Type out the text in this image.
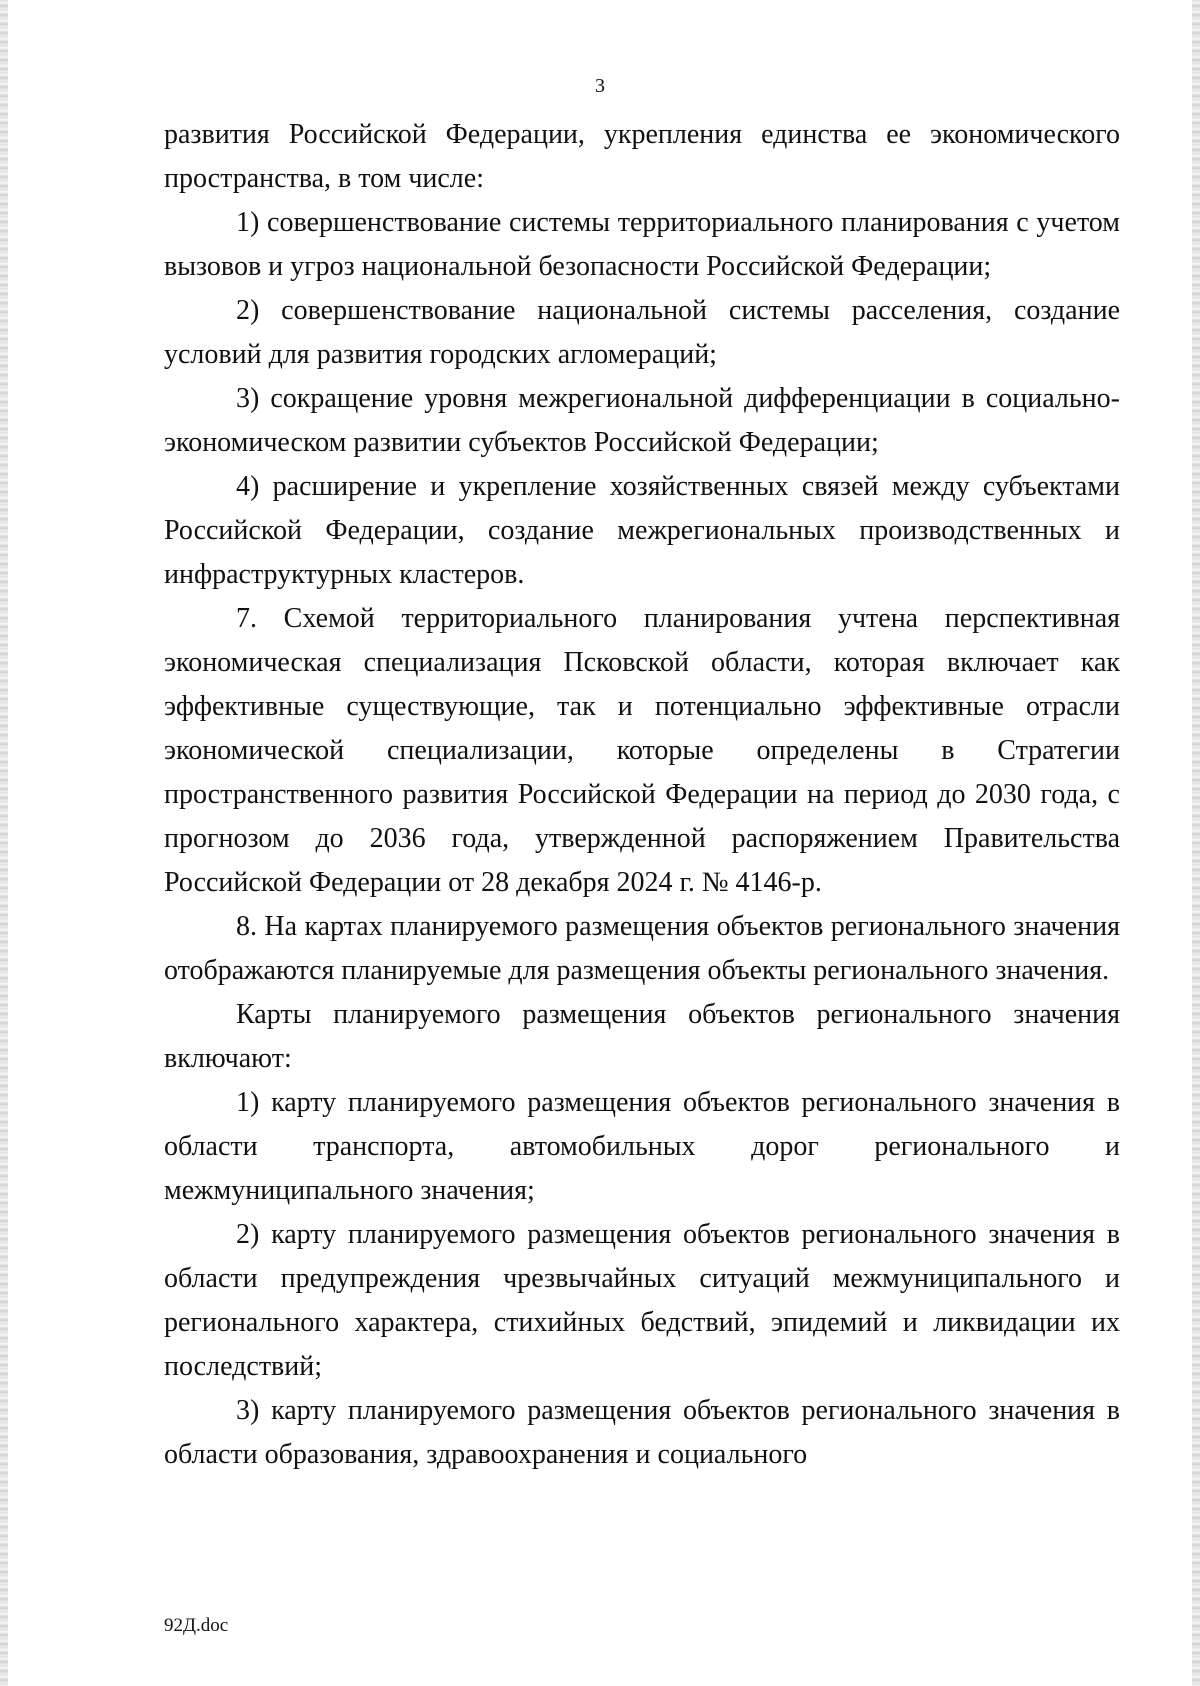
3

развития Российской Федерации, укрепления единства ее экономического пространства, в том числе:

1) совершенствование системы территориального планирования с учетом вызовов и угроз национальной безопасности Российской Федерации;

2) совершенствование национальной системы расселения, создание условий для развития городских агломераций;

3) сокращение уровня межрегиональной дифференциации в социально-экономическом развитии субъектов Российской Федерации;

4) расширение и укрепление хозяйственных связей между субъектами Российской Федерации, создание межрегиональных производственных и инфраструктурных кластеров.

7. Схемой территориального планирования учтена перспективная экономическая специализация Псковской области, которая включает как эффективные существующие, так и потенциально эффективные отрасли экономической специализации, которые определены в Стратегии пространственного развития Российской Федерации на период до 2030 года, с прогнозом до 2036 года, утвержденной распоряжением Правительства Российской Федерации от 28 декабря 2024 г. № 4146-р.

8. На картах планируемого размещения объектов регионального значения отображаются планируемые для размещения объекты регионального значения.

Карты планируемого размещения объектов регионального значения включают:

1) карту планируемого размещения объектов регионального значения в области транспорта, автомобильных дорог регионального и межмуниципального значения;

2) карту планируемого размещения объектов регионального значения в области предупреждения чрезвычайных ситуаций межмуниципального и регионального характера, стихийных бедствий, эпидемий и ликвидации их последствий;

3) карту планируемого размещения объектов регионального значения в области образования, здравоохранения и социального

92Д.doc
